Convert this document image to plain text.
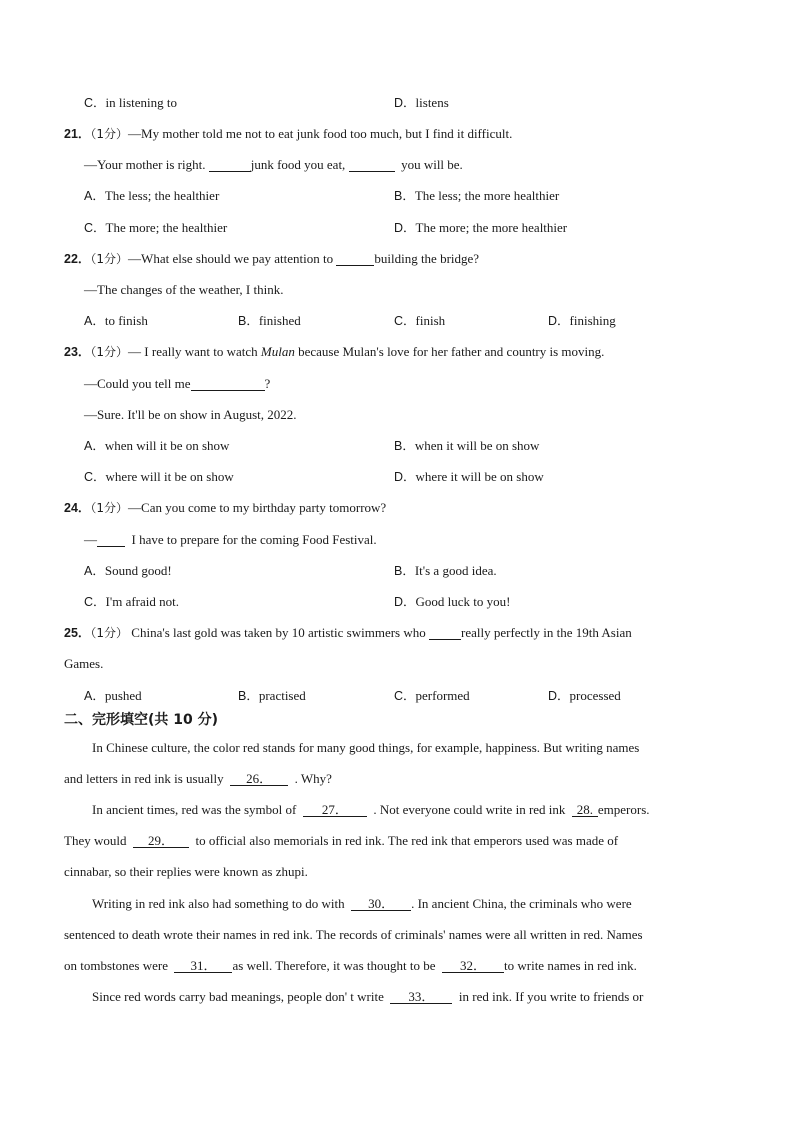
C．in listening to	D．listens
21．（1分）—My mother told me not to eat junk food too much, but I find it difficult.
—Your mother is right.	junk food you eat,	you will be.
A．The less; the healthier	B．The less; the more healthier
C．The more; the healthier	D．The more; the more healthier
22．（1分）—What else should we pay attention to	building the bridge?
—The changes of the weather, I think.
A．to finish	B．finished	C．finish	D．finishing
23．（1分）— I really want to watch Mulan because Mulan's love for her father and country is moving.
—Could you tell me	?
—Sure. It'll be on show in August, 2022.
A．when will it be on show	B．when it will be on show
C．where will it be on show	D．where it will be on show
24．（1分）—Can you come to my birthday party tomorrow?
—	I have to prepare for the coming Food Festival.
A．Sound good!	B．It's a good idea.
C．I'm afraid not.	D．Good luck to you!
25．（1分） China's last gold was taken by 10 artistic swimmers who	really perfectly in the 19th Asian
Games.
A．pushed	B．practised	C．performed	D．processed
二、完形填空(共 10 分)
In Chinese culture, the color red stands for many good things, for example, happiness. But writing names
and letters in red ink is usually 26． . Why?
In ancient times, red was the symbol of 27． . Not everyone could write in red ink 28. emperors.
They would 29． to official also memorials in red ink. The red ink that emperors used was made of
cinnabar, so their replies were known as zhupi.
Writing in red ink also had something to do with 30． . In ancient China, the criminals who were
sentenced to death wrote their names in red ink. The records of criminals' names were all written in red. Names
on tombstones were 31． as well. Therefore, it was thought to be 32． to write names in red ink.
Since red words carry bad meanings, people don' t write 33． in red ink. If you write to friends or
